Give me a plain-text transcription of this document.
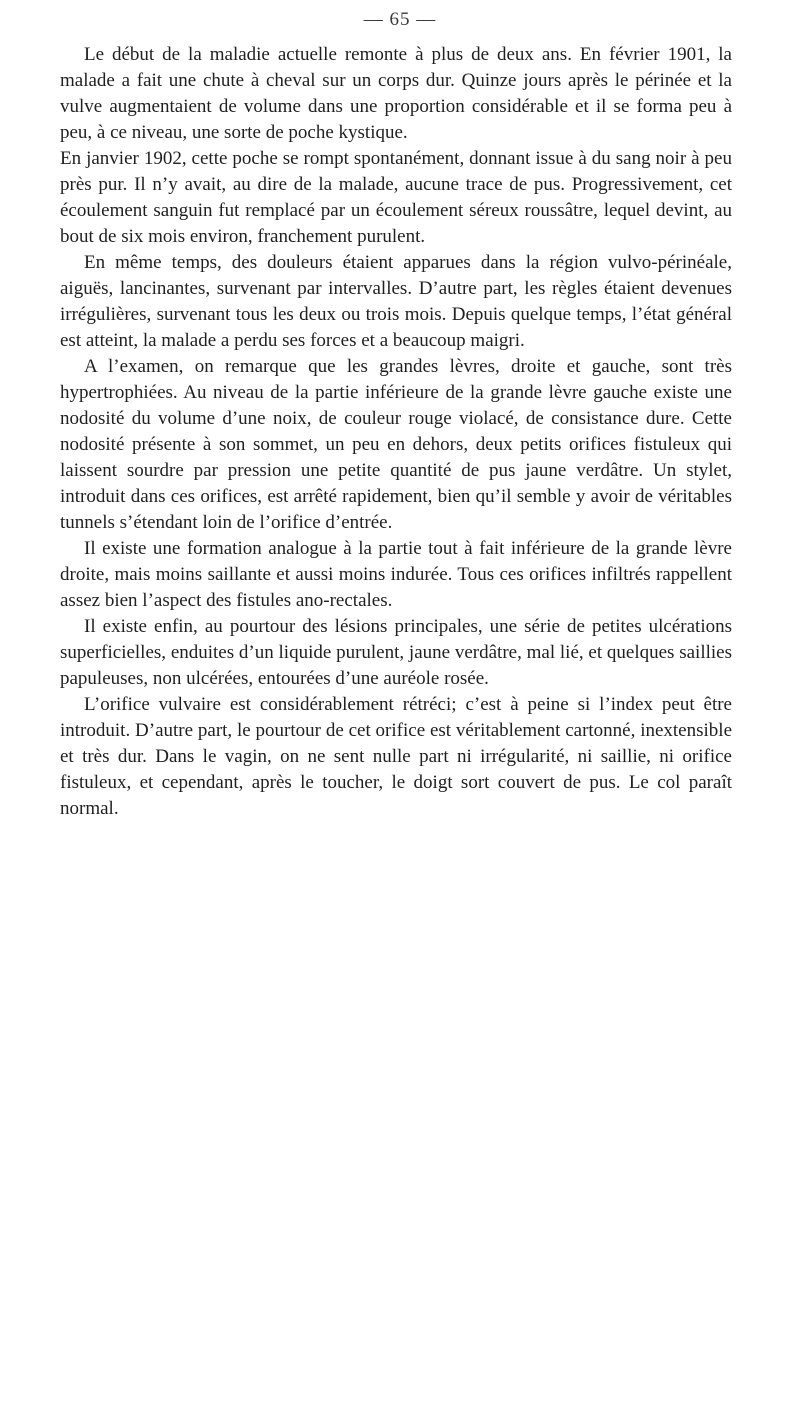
— 65 —

Le début de la maladie actuelle remonte à plus de deux ans. En février 1901, la malade a fait une chute à cheval sur un corps dur. Quinze jours après le périnée et la vulve augmentaient de volume dans une proportion considérable et il se forma peu à peu, à ce niveau, une sorte de poche kystique.

En janvier 1902, cette poche se rompt spontanément, donnant issue à du sang noir à peu près pur. Il n’y avait, au dire de la malade, aucune trace de pus. Progressivement, cet écoulement sanguin fut remplacé par un écoulement séreux roussâtre, lequel devint, au bout de six mois environ, franchement purulent.

En même temps, des douleurs étaient apparues dans la région vulvo-périnéale, aiguës, lancinantes, survenant par intervalles. D’autre part, les règles étaient devenues irrégulières, survenant tous les deux ou trois mois. Depuis quelque temps, l’état général est atteint, la malade a perdu ses forces et a beaucoup maigri.

A l’examen, on remarque que les grandes lèvres, droite et gauche, sont très hypertrophiées. Au niveau de la partie inférieure de la grande lèvre gauche existe une nodosité du volume d’une noix, de couleur rouge violacé, de consistance dure. Cette nodosité présente à son sommet, un peu en dehors, deux petits orifices fistuleux qui laissent sourdre par pression une petite quantité de pus jaune verdâtre. Un stylet, introduit dans ces orifices, est arrêté rapidement, bien qu’il semble y avoir de véritables tunnels s’étendant loin de l’orifice d’entrée.

Il existe une formation analogue à la partie tout à fait inférieure de la grande lèvre droite, mais moins saillante et aussi moins indurée. Tous ces orifices infiltrés rappellent assez bien l’aspect des fistules ano-rectales.

Il existe enfin, au pourtour des lésions principales, une série de petites ulcérations superficielles, enduites d’un liquide purulent, jaune verdâtre, mal lié, et quelques saillies papuleuses, non ulcérées, entourées d’une auréole rosée.

L’orifice vulvaire est considérablement rétréci; c’est à peine si l’index peut être introduit. D’autre part, le pourtour de cet orifice est véritablement cartonné, inextensible et très dur. Dans le vagin, on ne sent nulle part ni irrégularité, ni saillie, ni orifice fistuleux, et cependant, après le toucher, le doigt sort couvert de pus. Le col paraît normal.
